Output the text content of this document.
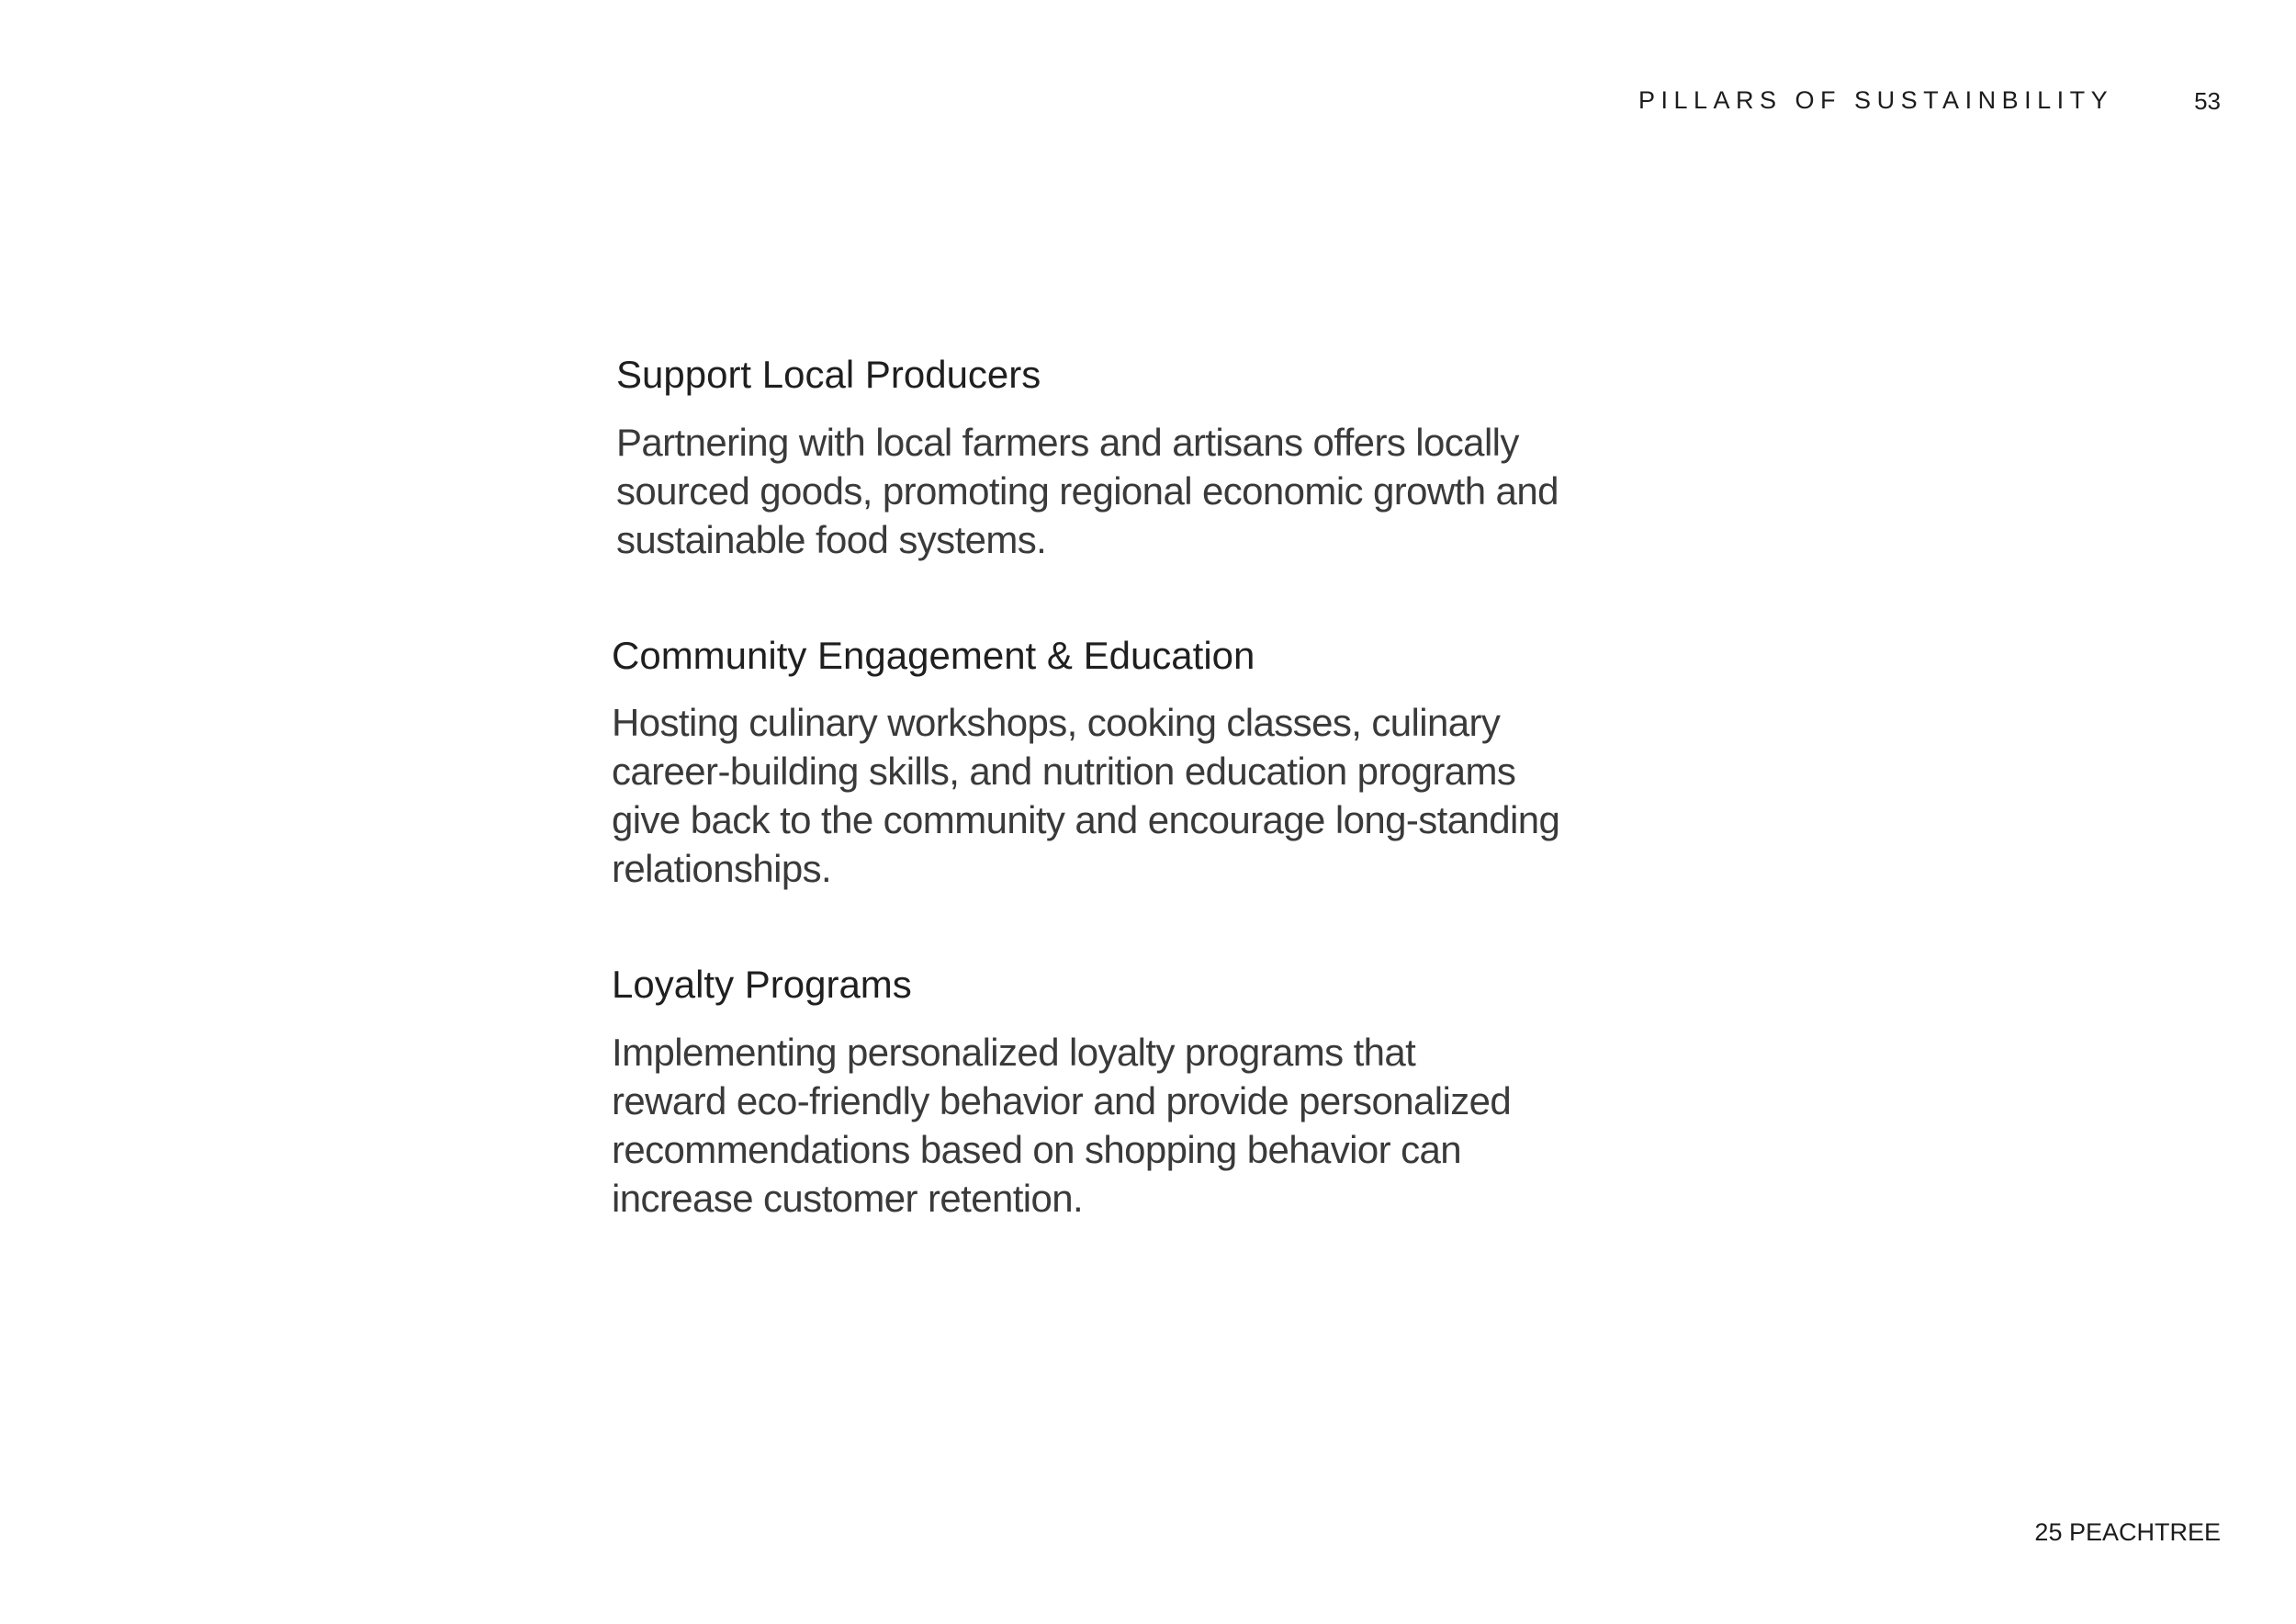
PILLARS OF SUSTAINBILITY	53
Support Local Producers

Partnering with local farmers and artisans offers locally sourced goods, promoting regional economic growth and sustainable food systems.

Community Engagement & Education

Hosting culinary workshops, cooking classes, culinary career-building skills, and nutrition education programs give back to the community and encourage long-standing relationships.

Loyalty Programs

Implementing personalized loyalty programs that reward eco-friendly behavior and provide personalized recommendations based on shopping behavior can increase customer retention.

25 PEACHTREE
